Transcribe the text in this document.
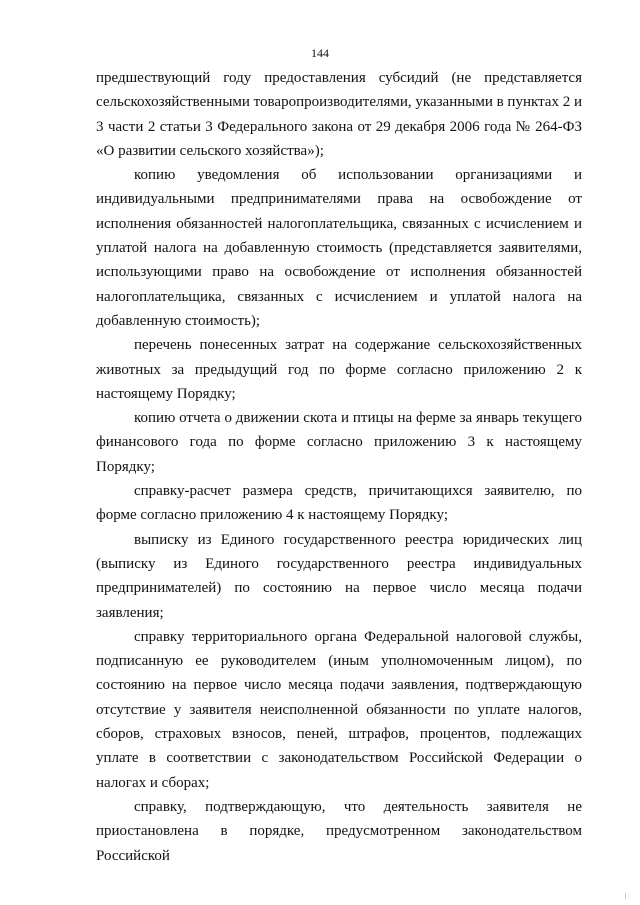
144

предшествующий году предоставления субсидий (не представляется сельскохозяйственными товаропроизводителями, указанными в пунктах 2 и 3 части 2 статьи 3 Федерального закона от 29 декабря 2006 года № 264-ФЗ «О развитии сельского хозяйства»);

копию уведомления об использовании организациями и индивидуальными предпринимателями права на освобождение от исполнения обязанностей налогоплательщика, связанных с исчислением и уплатой налога на добавленную стоимость (представляется заявителями, использующими право на освобождение от исполнения обязанностей налогоплательщика, связанных с исчислением и уплатой налога на добавленную стоимость);

перечень понесенных затрат на содержание сельскохозяйственных животных за предыдущий год по форме согласно приложению 2 к настоящему Порядку;

копию отчета о движении скота и птицы на ферме за январь текущего финансового года по форме согласно приложению 3 к настоящему Порядку;

справку-расчет размера средств, причитающихся заявителю, по форме согласно приложению 4 к настоящему Порядку;

выписку из Единого государственного реестра юридических лиц (выписку из Единого государственного реестра индивидуальных предпринимателей) по состоянию на первое число месяца подачи заявления;

справку территориального органа Федеральной налоговой службы, подписанную ее руководителем (иным уполномоченным лицом), по состоянию на первое число месяца подачи заявления, подтверждающую отсутствие у заявителя неисполненной обязанности по уплате налогов, сборов, страховых взносов, пеней, штрафов, процентов, подлежащих уплате в соответствии с законодательством Российской Федерации о налогах и сборах;

справку, подтверждающую, что деятельность заявителя не приостановлена в порядке, предусмотренном законодательством Российской
